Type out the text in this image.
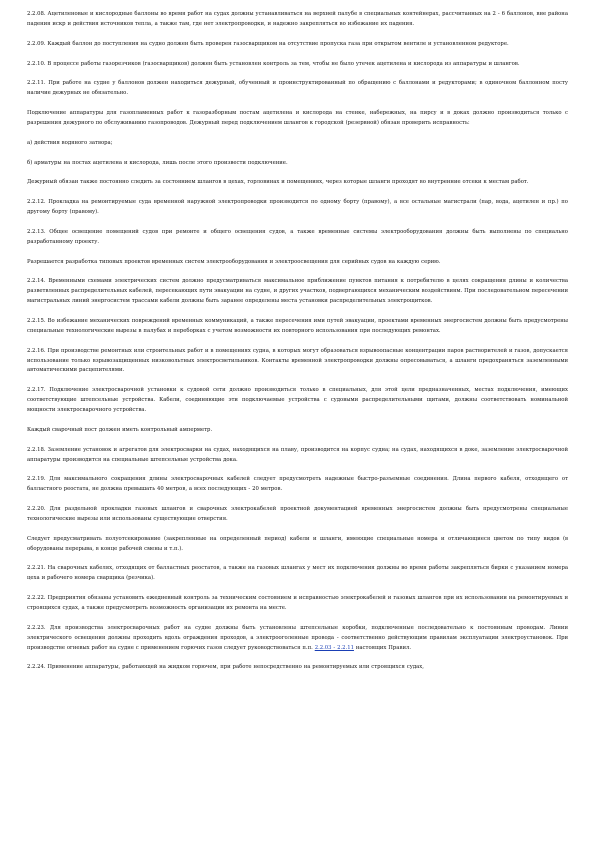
2.2.08. Ацетиленовые и кислородные баллоны во время работ на судах должны устанавливаться на верхней палубе в специальных контейнерах, рассчитанных на 2 - 6 баллонов, вне района падения искр и действия источников тепла, а также там, где нет электропроводки, и надежно закрепляться во избежание их падения.

2.2.09. Каждый баллон до поступления на судно должен быть проверен газосварщиком на отсутствие пропуска газа при открытом вентиле и установленном редукторе.

2.2.10. В процессе работы газорезчиков (газосварщиков) должен быть установлен контроль за тем, чтобы не было утечек ацетилена и кислорода из аппаратуры и шлангов.

2.2.11. При работе на судне у баллонов должен находиться дежурный, обученный и проинструктированный по обращению с баллонами и редукторами; в одиночном баллонном посту наличие дежурных не обязательно.

Подключение аппаратуры для газопламенных работ к газоразборным постам ацетилена и кислорода на стенке, набережных, на пирсу и в доках должно производиться только с разрешения дежурного по обслуживанию газопроводов. Дежурный перед подключением шлангов к городской (резервной) обязан проверить исправность:

а) действия водяного затвора;

б) арматуры на постах ацетилена и кислорода, лишь после этого произвести подключение.

Дежурный обязан также постоянно следить за состоянием шлангов в цехах, горловинах и помещениях, через которые шланги проходят во внутренние отсеки к местам работ.

2.2.12. Прокладка на ремонтируемые суда временной наружной электропроводки производится по одному борту (правому), а все остальные магистрали (пар, вода, ацетилен и пр.) по другому борту (правому).

2.2.13. Общее освещение помещений судов при ремонте и общего освещения судов, а также временные системы электрооборудования должны быть выполнены по специально разработанному проекту.

Разрешается разработка типовых проектов временных систем электрооборудования и электроосвещения для серийных судов на каждую серию.

2.2.14. Временными схемами электрических систем должно предусматриваться максимальное приближение пунктов питания к потребителю в целях сокращения длины и количества разветвленных распределительных кабелей, пересекающих пути эвакуации на судне, и других участков, подвергающихся механическим воздействиям. При последовательном пересечении магистральных линий энергосистем трассами кабели должны быть заранее определены места установки распределительных электрощитков.

2.2.15. Во избежание механических повреждений временных коммуникаций, а также пересечения ими путей эвакуации, проектами временных энергосистем должны быть предусмотрены специальные технологические вырезы в палубах и переборках с учетом возможности их повторного использования при последующих ремонтах.

2.2.16. При производстве ремонтных или строительных работ и в помещениях судна, в которых могут образоваться взрывоопасные концентрации паров растворителей и газов, допускается использование только взрывозащищенных низковольтных электросветильников. Контакты временной электропроводки должны опресовываться, а шланги предохраняться заземленными автоматическими расцепителями.

2.2.17. Подключение электросварочной установки к судовой сети должно производиться только в специальных, для этой цели предназначенных, местах подключения, имеющих соответствующие штепсельные устройства. Кабели, соединяющие эти подключаемые устройства с судовыми распределительными щитами, должны соответствовать номинальной мощности электросварочного устройства.

Каждый сварочный пост должен иметь контрольный амперметр.

2.2.18. Заземление установок и агрегатов для электросварки на судах, находящихся на плаву, производится на корпус судна; на судах, находящихся в доке, заземление электросварочной аппаратуры производится на специальные штепсельные устройства дока.

2.2.19. Для максимального сокращения длины электросварочных кабелей следует предусмотреть надежные быстро-разъемные соединения. Длина первого кабеля, отходящего от балластного реостата, не должна превышать 40 метров, а всех последующих - 20 метров.

2.2.20. Для раздельной прокладки газовых шлангов и сварочных электрокабелей проектной документацией временных энергосистем должны быть предусмотрены специальные технологические вырезы или использованы существующие отверстия.

Следует предусматривать полуотсекирование (закрепленные на определенный период) кабели и шланги, имеющие специальные номера и отличающиеся цветом по типу видов (в оборудованы перерыва, в конце рабочей смены и т.п.).

2.2.21. На сварочных кабелях, отходящих от балластных реостатов, а также на газовых шлангах у мест их подключения должны во время работы закрепляться бирки с указанием номера цеха и рабочего номера сварщика (резчика).

2.2.22. Предприятия обязаны установить ежедневный контроль за техническим состоянием и исправностью электрокабелей и газовых шлангов при их использовании на ремонтируемых и строящихся судах, а также предусмотреть возможность организации их ремонта на месте.

2.2.23. Для производства электросварочных работ на судне должны быть установлены штепсельные коробки, подключенные последовательно к постоянным проводам. Линии электрического освещения должны проходить вдоль ограждения проходов, а электрооголенные провода - соответственно действующим правилам эксплуатации электроустановок. При производстве огневых работ на судне с применением горючих газов следует руководствоваться п.п. 2.2.03 - 2.2.11 настоящих Правил.

2.2.24. Применение аппаратуры, работающей на жидком горючем, при работе непосредственно на ремонтируемых или строящихся судах,
